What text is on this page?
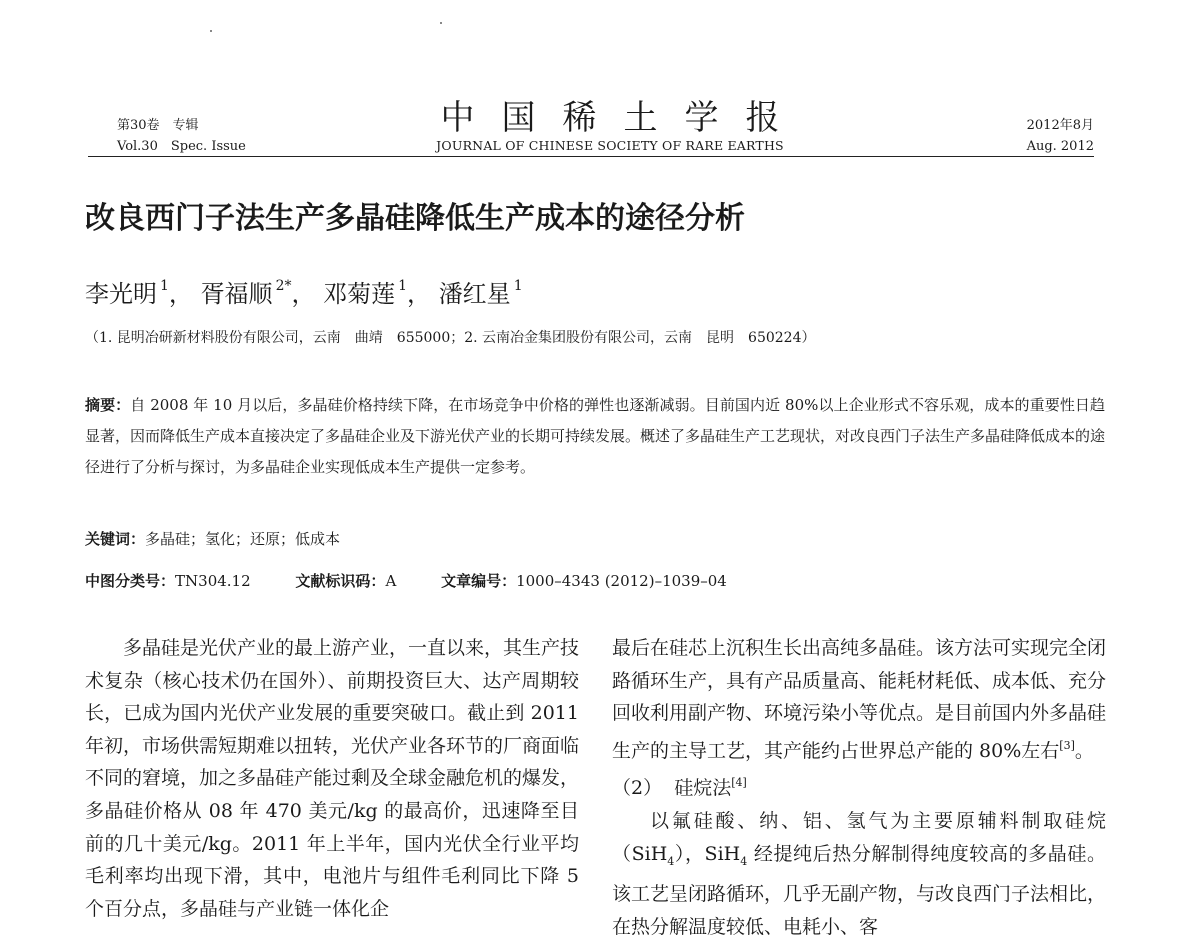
第30卷　专辑
Vol.30　Spec. Issue
中国稀土学报
JOURNAL OF CHINESE SOCIETY OF RARE EARTHS
2012年8月
Aug. 2012
改良西门子法生产多晶硅降低生产成本的途径分析
李光明 $^1$， 胥福顺 $^{2*}$， 邓菊莲 $^1$， 潘红星 $^1$
（1. 昆明冶研新材料股份有限公司，云南　曲靖　655000；2. 云南冶金集团股份有限公司，云南　昆明　650224）
摘要：自 2008 年 10 月以后，多晶硅价格持续下降，在市场竞争中价格的弹性也逐渐减弱。目前国内近 80%以上企业形式不容乐观，成本的重要性日趋显著，因而降低生产成本直接决定了多晶硅企业及下游光伏产业的长期可持续发展。概述了多晶硅生产工艺现状，对改良西门子法生产多晶硅降低成本的途径进行了分析与探讨，为多晶硅企业实现低成本生产提供一定参考。
关键词：多晶硅；氢化；还原；低成本
中图分类号：TN304.12	文献标识码：A	文章编号：1000–4343 (2012)–1039–04

多晶硅是光伏产业的最上游产业，一直以来，其生产技术复杂（核心技术仍在国外）、前期投资巨大、达产周期较长，已成为国内光伏产业发展的重要突破口。截止到 2011 年初，市场供需短期难以扭转，光伏产业各环节的厂商面临不同的窘境，加之多晶硅产能过剩及全球金融危机的爆发，多晶硅价格从 08 年 470 美元/kg 的最高价，迅速降至目前的几十美元/kg。2011 年上半年，国内光伏全行业平均毛利率均出现下滑，其中，电池片与组件毛利同比下降 5 个百分点，多晶硅与产业链一体化企

最后在硅芯上沉积生长出高纯多晶硅。该方法可实现完全闭路循环生产，具有产品质量高、能耗材耗低、成本低、充分回收利用副产物、环境污染小等优点。是目前国内外多晶硅生产的主导工艺，其产能约占世界总产能的 80%左右[3]。

（2） 硅烷法[4]

以氟硅酸、纳、铝、氢气为主要原辅料制取硅烷（SiH$_4$），SiH$_4$ 经提纯后热分解制得纯度较高的多晶硅。该工艺呈闭路循环，几乎无副产物，与改良西门子法相比，在热分解温度较低、电耗小、客
